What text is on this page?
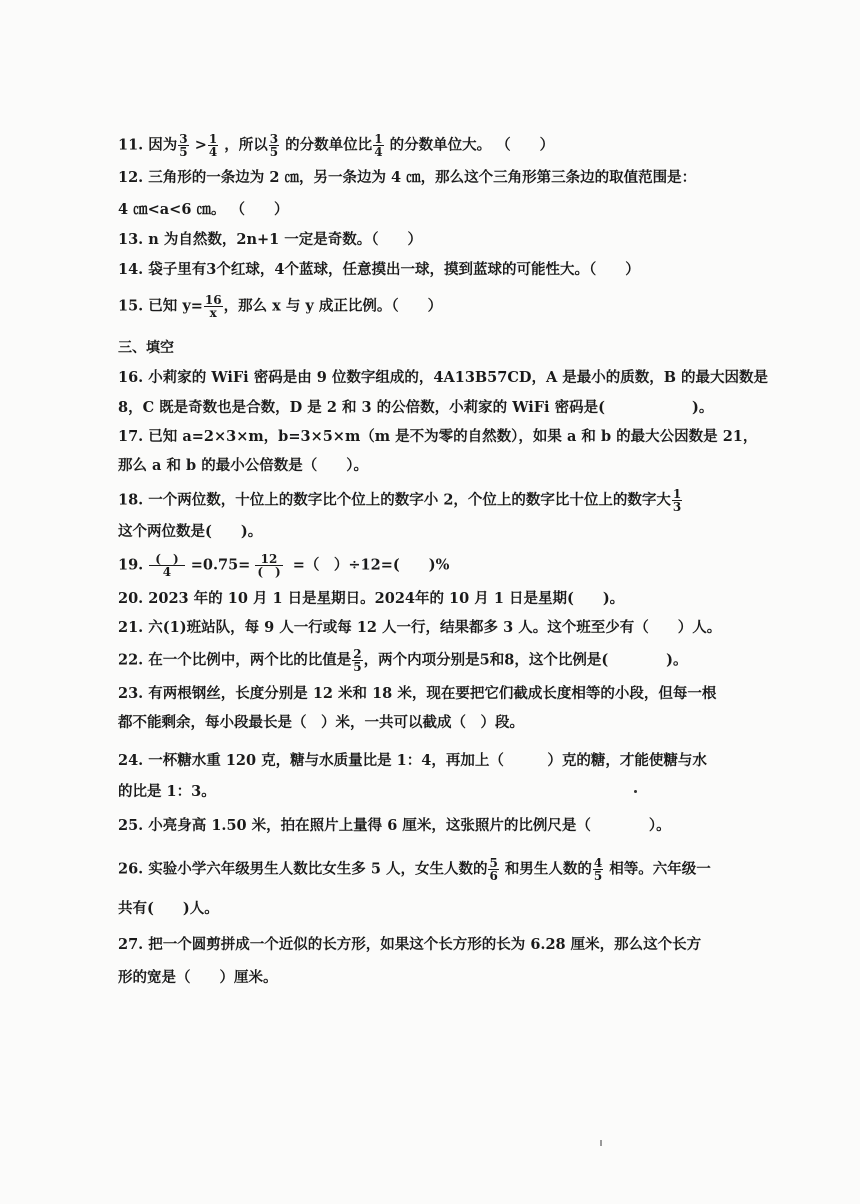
11. 因为 $\frac{3}{5} > \frac{1}{4}$ ，所以 $\frac{3}{5}$ 的分数单位比 $\frac{1}{4}$ 的分数单位大。 （　　）
12. 三角形的一条边为 2 ㎝，另一条边为 4 ㎝，那么这个三角形第三条边的取值范围是：
4 ㎝<a<6 ㎝。 （　　）
13. n 为自然数，2n+1 一定是奇数。（　　）
14. 袋子里有3个红球，4个蓝球，任意摸出一球，摸到蓝球的可能性大。（　　）
15. 已知 $y= \frac{16}{x}$ ，那么 x 与 y 成正比例。（　　）
三、填空
16. 小莉家的 WiFi 密码是由 9 位数字组成的，4A13B57CD，A 是最小的质数，B 的最大因数是
8，C 既是奇数也是合数，D 是 2 和 3 的公倍数，小莉家的 WiFi 密码是(　　　　　　)。
17. 已知 a=2×3×m，b=3×5×m（m 是不为零的自然数），如果 a 和 b 的最大公因数是 21，
那么 a 和 b 的最小公倍数是（　　）。
18. 一个两位数，十位上的数字比个位上的数字小 2，个位上的数字比十位上的数字大 $\frac{1}{3}$
这个两位数是(　　)。
19. $\frac{( )}{4} =0.75= \frac{12}{( )}$ =（　）÷12=(　　)%
20. 2023 年的 10 月 1 日是星期日。2024年的 10 月 1 日是星期(　　)。
21. 六(1)班站队，每 9 人一行或每 12 人一行，结果都多 3 人。这个班至少有（　　）人。
22. 在一个比例中，两个比的比值是 $\frac{2}{5}$ ，两个内项分别是5和8，这个比例是(　　　　)。
23. 有两根钢丝，长度分别是 12 米和 18 米，现在要把它们截成长度相等的小段，但每一根
都不能剩余，每小段最长是（　）米，一共可以截成（　）段。
24. 一杯糖水重 120 克，糖与水质量比是 1：4，再加上（　　　）克的糖，才能使糖与水
的比是 1：3。
25. 小亮身高 1.50 米，拍在照片上量得 6 厘米，这张照片的比例尺是（　　　　）。
26. 实验小学六年级男生人数比女生多 5 人，女生人数的 $\frac{5}{6}$ 和男生人数的 $\frac{4}{5}$ 相等。六年级一
共有(　　)人。
27. 把一个圆剪拼成一个近似的长方形，如果这个长方形的长为 6.28 厘米，那么这个长方
形的宽是（　　）厘米。
